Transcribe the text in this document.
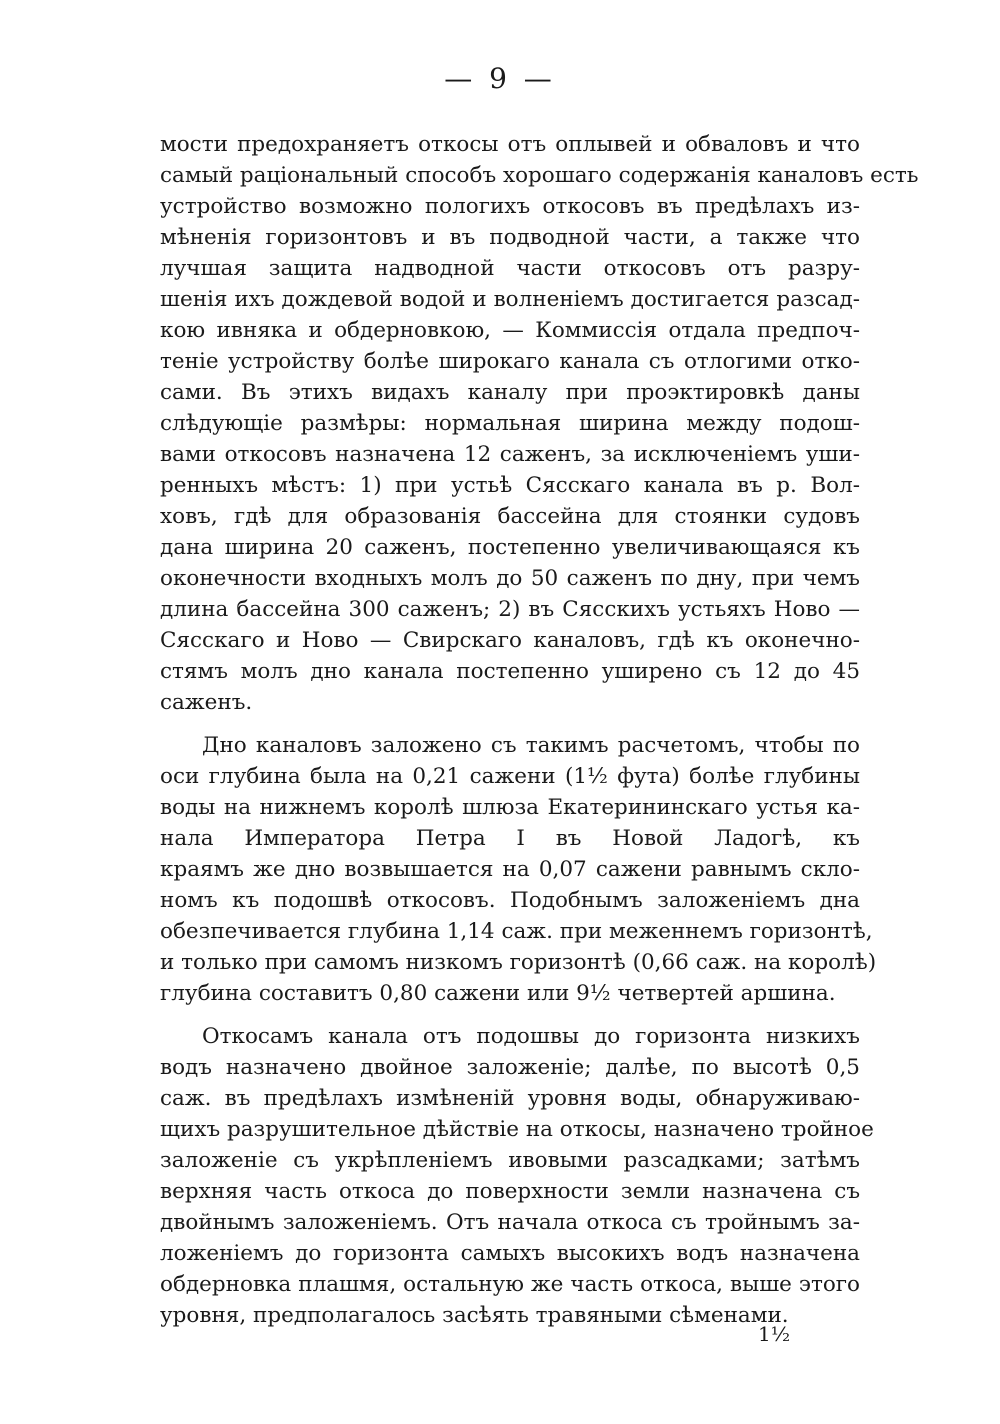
— 9 —
мости предохраняетъ откосы отъ оплывей и обваловъ и что
самый раціональный способъ хорошаго содержанія каналовъ есть
устройство возможно пологихъ откосовъ въ предѣлахъ из-
мѣненія горизонтовъ и въ подводной части, а также что
лучшая защита надводной части откосовъ отъ разру-
шенія ихъ дождевой водой и волненіемъ достигается разсад-
кою ивняка и обдерновкою, — Коммиссія отдала предпоч-
теніе устройству болѣе широкаго канала съ отлогими отко-
сами. Въ этихъ видахъ каналу при проэктировкѣ даны
слѣдующіе размѣры: нормальная ширина между подош-
вами откосовъ назначена 12 саженъ, за исключеніемъ уши-
ренныхъ мѣстъ: 1) при устьѣ Сясскаго канала въ р. Вол-
ховъ, гдѣ для образованія бассейна для стоянки судовъ
дана ширина 20 саженъ, постепенно увеличивающаяся къ
оконечности входныхъ молъ до 50 саженъ по дну, при чемъ
длина бассейна 300 саженъ; 2) въ Сясскихъ устьяхъ Ново —
Сясскаго и Ново — Свирскаго каналовъ, гдѣ къ оконечно-
стямъ молъ дно канала постепенно уширено съ 12 до 45
саженъ.
Дно каналовъ заложено съ такимъ расчетомъ, чтобы по
оси глубина была на 0,21 сажени (1½ фута) болѣе глубины
воды на нижнемъ королѣ шлюза Екатерининскаго устья ка-
нала Императора Петра I въ Новой Ладогѣ, къ
краямъ же дно возвышается на 0,07 сажени равнымъ скло-
номъ къ подошвѣ откосовъ. Подобнымъ заложеніемъ дна
обезпечивается глубина 1,14 саж. при меженнемъ горизонтѣ,
и только при самомъ низкомъ горизонтѣ (0,66 саж. на королѣ)
глубина составитъ 0,80 сажени или 9½ четвертей аршина.
Откосамъ канала отъ подошвы до горизонта низкихъ
водъ назначено двойное заложеніе; далѣе, по высотѣ 0,5
саж. въ предѣлахъ измѣненій уровня воды, обнаруживаю-
щихъ разрушительное дѣйствіе на откосы, назначено тройное
заложеніе съ укрѣпленіемъ ивовыми разсадками; затѣмъ
верхняя часть откоса до поверхности земли назначена съ
двойнымъ заложеніемъ. Отъ начала откоса съ тройнымъ за-
ложеніемъ до горизонта самыхъ высокихъ водъ назначена
обдерновка плашмя, остальную же часть откоса, выше этого
уровня, предполагалось засѣять травяными сѣменами.
1½
